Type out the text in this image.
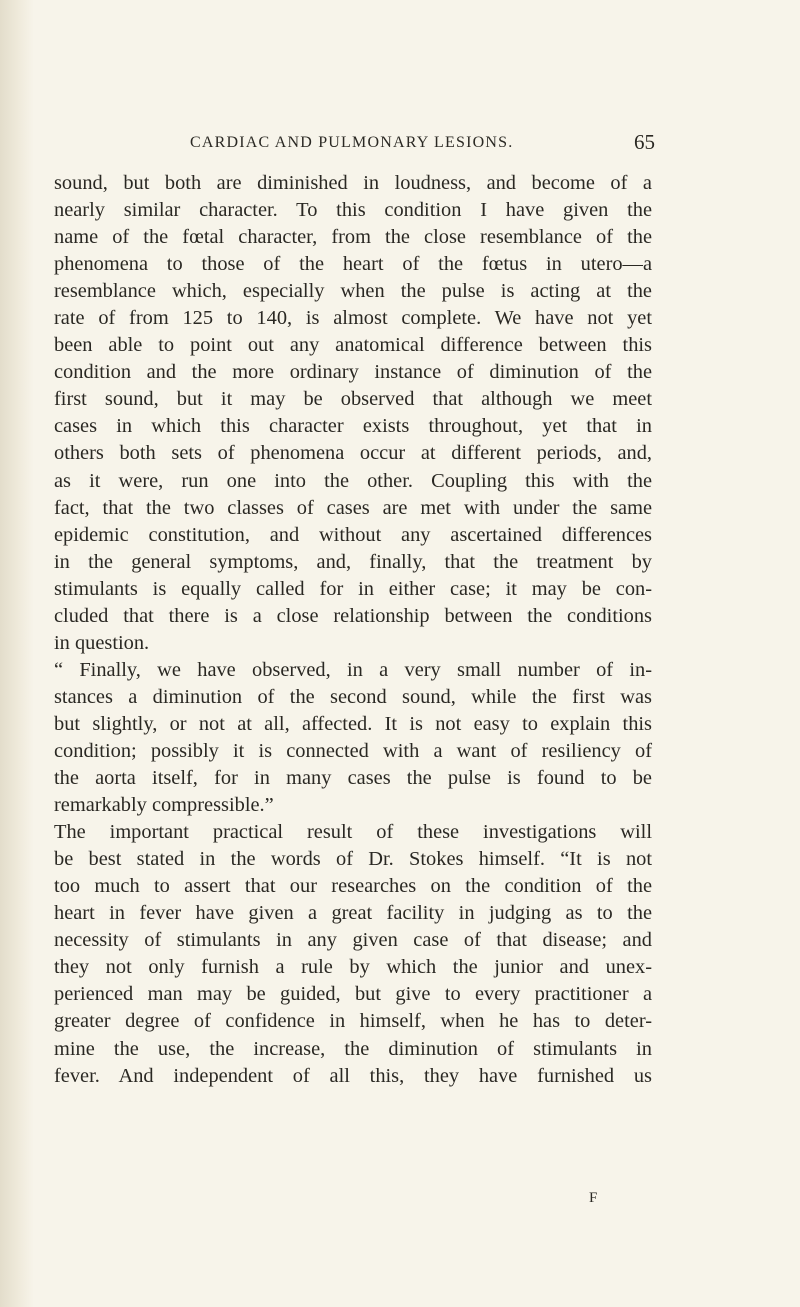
CARDIAC AND PULMONARY LESIONS.	65
sound, but both are diminished in loudness, and become of a
nearly similar character. To this condition I have given the
name of the fœtal character, from the close resemblance of the
phenomena to those of the heart of the fœtus in utero—a
resemblance which, especially when the pulse is acting at the
rate of from 125 to 140, is almost complete. We have not yet
been able to point out any anatomical difference between this
condition and the more ordinary instance of diminution of the
first sound, but it may be observed that although we meet
cases in which this character exists throughout, yet that in
others both sets of phenomena occur at different periods, and,
as it were, run one into the other. Coupling this with the
fact, that the two classes of cases are met with under the same
epidemic constitution, and without any ascertained differences
in the general symptoms, and, finally, that the treatment by
stimulants is equally called for in either case; it may be con-
cluded that there is a close relationship between the conditions
in question.
“ Finally, we have observed, in a very small number of in-
stances a diminution of the second sound, while the first was
but slightly, or not at all, affected. It is not easy to explain this
condition; possibly it is connected with a want of resiliency of
the aorta itself, for in many cases the pulse is found to be
remarkably compressible.”
The important practical result of these investigations will
be best stated in the words of Dr. Stokes himself. “It is not
too much to assert that our researches on the condition of the
heart in fever have given a great facility in judging as to the
necessity of stimulants in any given case of that disease; and
they not only furnish a rule by which the junior and unex-
perienced man may be guided, but give to every practitioner a
greater degree of confidence in himself, when he has to deter-
mine the use, the increase, the diminution of stimulants in
fever. And independent of all this, they have furnished us
F
